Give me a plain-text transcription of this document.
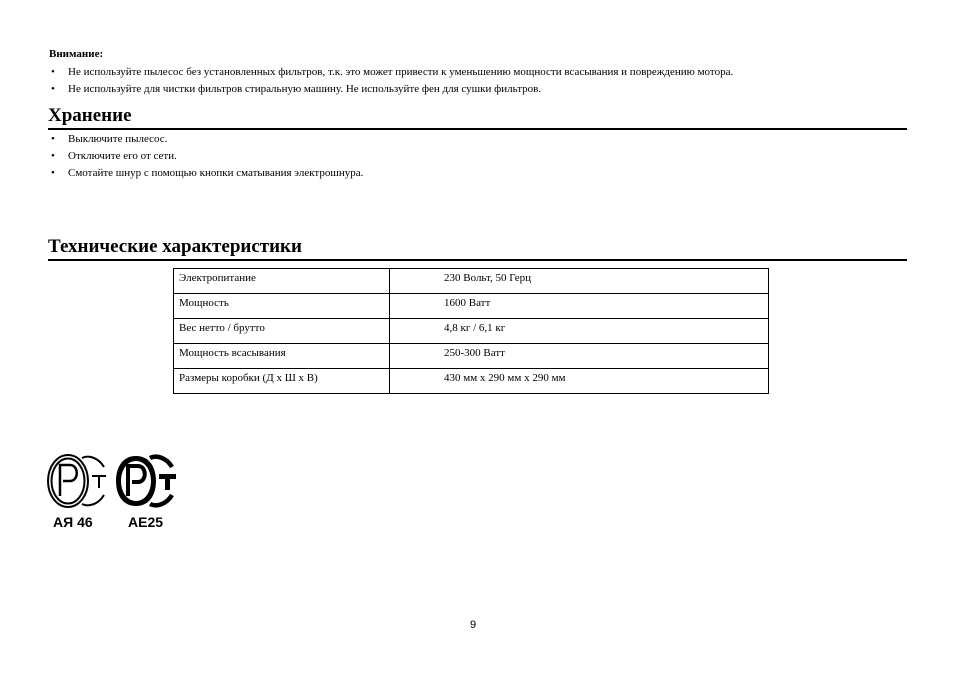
Внимание:
• Не используйте пылесос без установленных фильтров, т.к. это может привести к уменьшению мощности всасывания и повреждению мотора.
• Не используйте для чистки фильтров стиральную машину. Не используйте фен для сушки фильтров.
Хранение
• Выключите пылесос.
• Отключите его от сети.
• Смотайте шнур с помощью кнопки сматывания электрошнура.
Технические характеристики
Электропитание	230 Вольт, 50 Герц
Мощность	1600 Ватт
Вес нетто / брутто	4,8 кг / 6,1 кг
Мощность всасывания	250-300 Ватт
Размеры коробки (Д х Ш х В)	430 мм х 290 мм х 290 мм
АЯ 46	АЕ25
9
